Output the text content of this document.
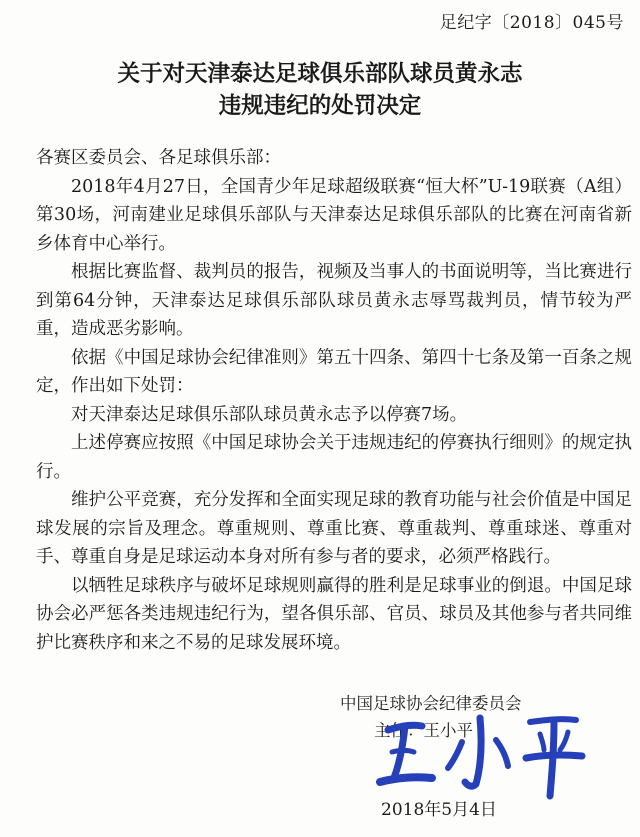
足纪字〔2018〕045号
关于对天津泰达足球俱乐部队球员黄永志
违规违纪的处罚决定

各赛区委员会、各足球俱乐部：

2018年4月27日，全国青少年足球超级联赛“恒大杯”U-19联赛（A组）第30场，河南建业足球俱乐部队与天津泰达足球俱乐部队的比赛在河南省新乡体育中心举行。

根据比赛监督、裁判员的报告，视频及当事人的书面说明等，当比赛进行到第64分钟，天津泰达足球俱乐部队球员黄永志辱骂裁判员，情节较为严重，造成恶劣影响。

依据《中国足球协会纪律准则》第五十四条、第四十七条及第一百条之规定，作出如下处罚：

对天津泰达足球俱乐部队球员黄永志予以停赛7场。

上述停赛应按照《中国足球协会关于违规违纪的停赛执行细则》的规定执行。

维护公平竞赛，充分发挥和全面实现足球的教育功能与社会价值是中国足球发展的宗旨及理念。尊重规则、尊重比赛、尊重裁判、尊重球迷、尊重对手、尊重自身是足球运动本身对所有参与者的要求，必须严格践行。

以牺牲足球秩序与破坏足球规则赢得的胜利是足球事业的倒退。中国足球协会必严惩各类违规违纪行为，望各俱乐部、官员、球员及其他参与者共同维护比赛秩序和来之不易的足球发展环境。

中国足球协会纪律委员会
主任：王小平
2018年5月4日
